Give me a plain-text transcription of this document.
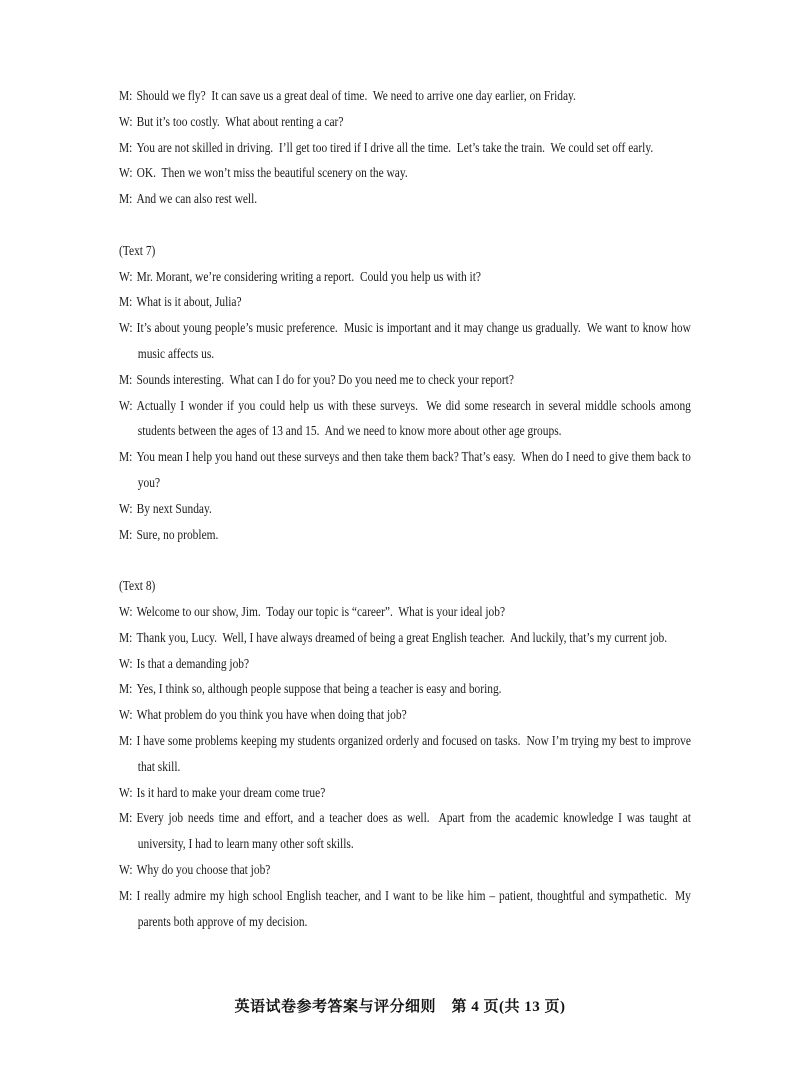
M: Should we fly?  It can save us a great deal of time.  We need to arrive one day earlier, on Friday.

W: But it’s too costly.  What about renting a car?

M: You are not skilled in driving.  I’ll get too tired if I drive all the time.  Let’s take the train.  We could set off early.

W: OK.  Then we won’t miss the beautiful scenery on the way.

M: And we can also rest well.

(Text 7)

W: Mr. Morant, we’re considering writing a report.  Could you help us with it?

M: What is it about, Julia?

W: It’s about young people’s music preference.  Music is important and it may change us gradually.  We want to know how music affects us.

M: Sounds interesting.  What can I do for you? Do you need me to check your report?

W: Actually I wonder if you could help us with these surveys.  We did some research in several middle schools among students between the ages of 13 and 15.  And we need to know more about other age groups.

M: You mean I help you hand out these surveys and then take them back? That’s easy.  When do I need to give them back to you?

W: By next Sunday.

M: Sure, no problem.

(Text 8)

W: Welcome to our show, Jim.  Today our topic is “career”.  What is your ideal job?

M: Thank you, Lucy.  Well, I have always dreamed of being a great English teacher.  And luckily, that’s my current job.

W: Is that a demanding job?

M: Yes, I think so, although people suppose that being a teacher is easy and boring.

W: What problem do you think you have when doing that job?

M: I have some problems keeping my students organized orderly and focused on tasks.  Now I’m trying my best to improve that skill.

W: Is it hard to make your dream come true?

M: Every job needs time and effort, and a teacher does as well.  Apart from the academic knowledge I was taught at university, I had to learn many other soft skills.

W: Why do you choose that job?

M: I really admire my high school English teacher, and I want to be like him – patient, thoughtful and sympathetic.  My parents both approve of my decision.

英语试卷参考答案与评分细则　第 4 页(共 13 页)
